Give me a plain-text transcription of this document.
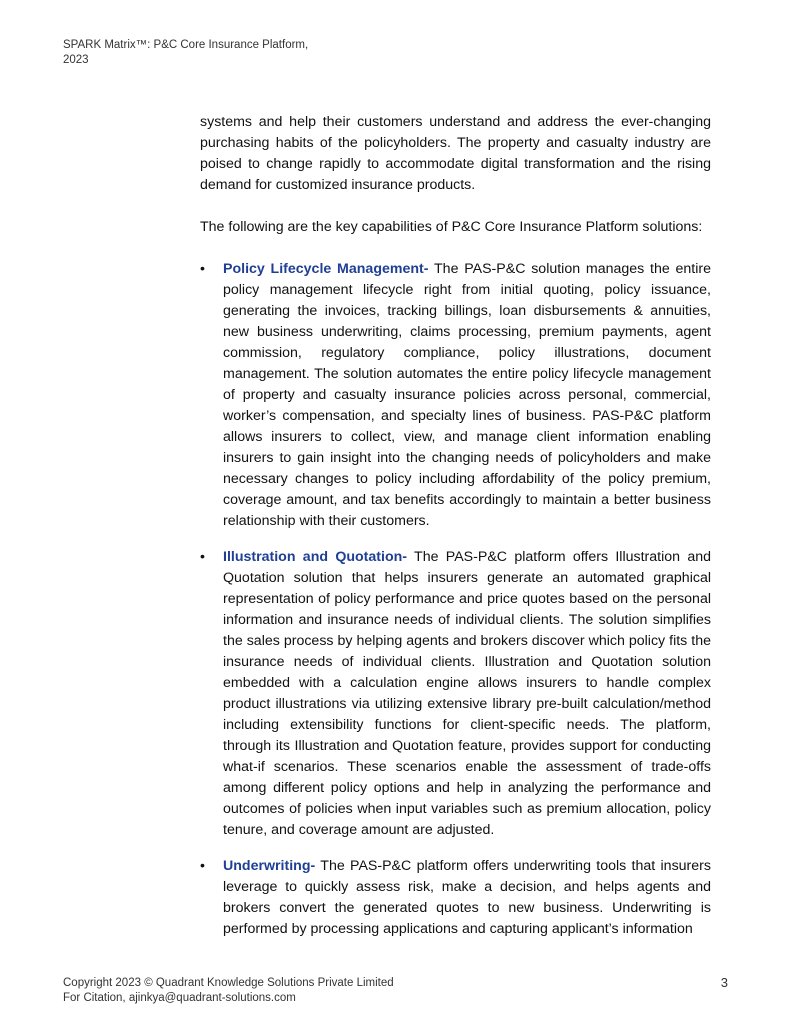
SPARK Matrix™: P&C Core Insurance Platform,
2023

systems and help their customers understand and address the ever-changing purchasing habits of the policyholders. The property and casualty industry are poised to change rapidly to accommodate digital transformation and the rising demand for customized insurance products.

The following are the key capabilities of P&C Core Insurance Platform solutions:

• Policy Lifecycle Management- The PAS-P&C solution manages the entire policy management lifecycle right from initial quoting, policy issuance, generating the invoices, tracking billings, loan disbursements & annuities, new business underwriting, claims processing, premium payments, agent commission, regulatory compliance, policy illustrations, document management. The solution automates the entire policy lifecycle management of property and casualty insurance policies across personal, commercial, worker’s compensation, and specialty lines of business. PAS-P&C platform allows insurers to collect, view, and manage client information enabling insurers to gain insight into the changing needs of policyholders and make necessary changes to policy including affordability of the policy premium, coverage amount, and tax benefits accordingly to maintain a better business relationship with their customers.
• Illustration and Quotation- The PAS-P&C platform offers Illustration and Quotation solution that helps insurers generate an automated graphical representation of policy performance and price quotes based on the personal information and insurance needs of individual clients. The solution simplifies the sales process by helping agents and brokers discover which policy fits the insurance needs of individual clients. Illustration and Quotation solution embedded with a calculation engine allows insurers to handle complex product illustrations via utilizing extensive library pre-built calculation/method including extensibility functions for client-specific needs. The platform, through its Illustration and Quotation feature, provides support for conducting what-if scenarios. These scenarios enable the assessment of trade-offs among different policy options and help in analyzing the performance and outcomes of policies when input variables such as premium allocation, policy tenure, and coverage amount are adjusted.
• Underwriting- The PAS-P&C platform offers underwriting tools that insurers leverage to quickly assess risk, make a decision, and helps agents and brokers convert the generated quotes to new business. Underwriting is performed by processing applications and capturing applicant’s information
Copyright 2023 © Quadrant Knowledge Solutions Private Limited
For Citation, ajinkya@quadrant-solutions.com
3
